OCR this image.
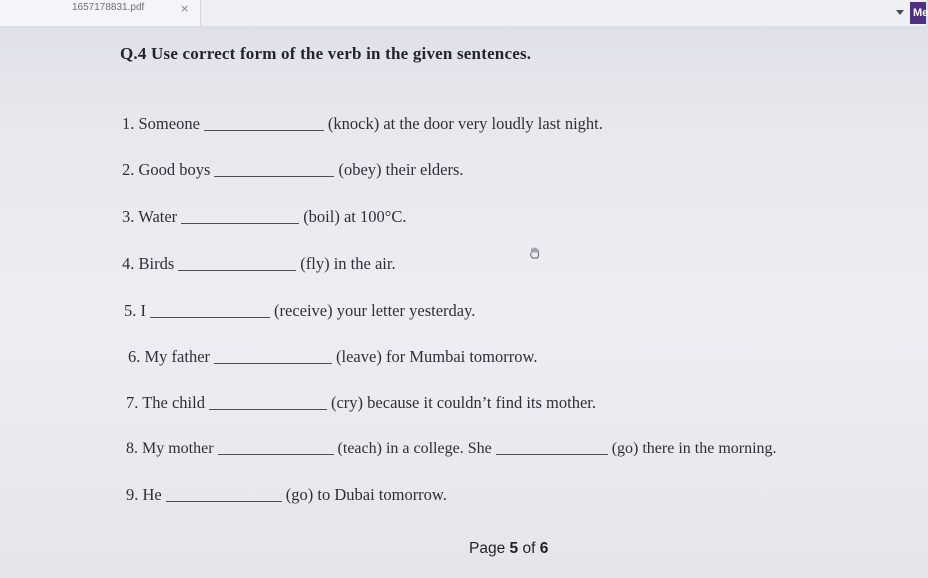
1657178831.pdf	×	Me
Q.4 Use correct form of the verb in the given sentences.
1. Someone	(knock) at the door very loudly last night.
2. Good boys	(obey) their elders.
3. Water	(boil) at 100°C.
4. Birds	(fly) in the air.
5. I	(receive) your letter yesterday.
6. My father	(leave) for Mumbai tomorrow.
7. The child	(cry) because it couldn’t find its mother.
8. My mother	(teach) in a college. She	(go) there in the morning.
9. He	(go) to Dubai tomorrow.
Page 5 of 6
